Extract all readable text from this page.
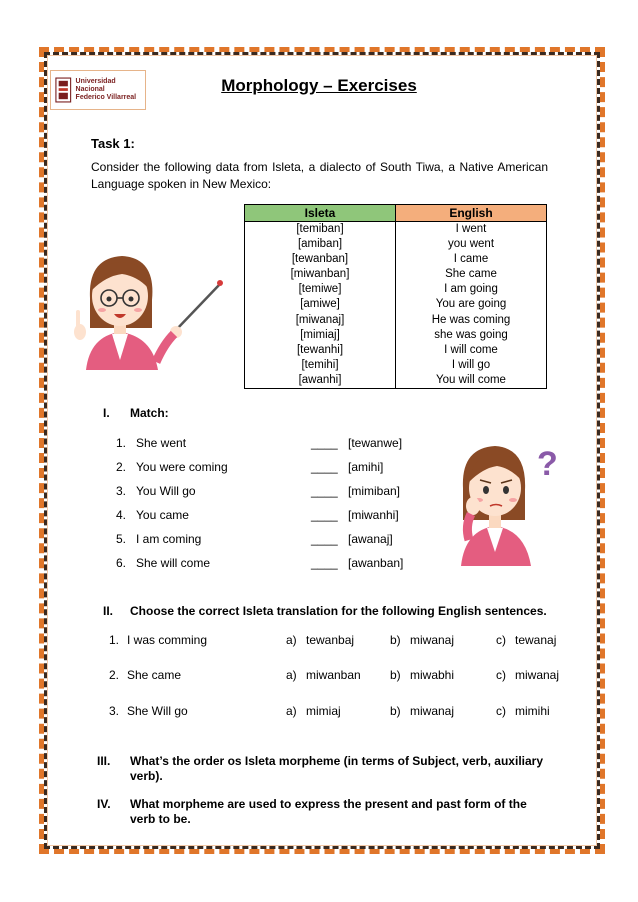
Universidad Nacional
Federico Villarreal
Morphology – Exercises
Task 1:
Consider the following data from Isleta, a dialecto of South Tiwa, a Native American Language spoken in New Mexico:
Isleta	English
[temiban]	I went
[amiban]	you went
[tewanban]	I came
[miwanban]	She came
[temiwe]	I am going
[amiwe]	You are going
[miwanaj]	He was coming
[mimiaj]	she was going
[tewanhi]	I will come
[temihi]	I will go
[awanhi]	You will come
I. Match:
1. She went	____ [tewanwe]
2. You were coming	____ [amihi]
3. You Will go	____ [mimiban]
4. You came	____ [miwanhi]
5. I am coming	____ [awanaj]
6. She will come	____ [awanban]
?
II. Choose the correct Isleta translation for the following English sentences.
1. I was comming	a) tewanbaj	b) miwanaj	c) tewanaj
2. She came	a) miwanban b) miwabhi	c) miwanaj
3. She Will go	a) mimiaj	b) miwanaj	c) mimihi
III. What’s the order os Isleta morpheme (in terms of Subject, verb, auxiliary verb).
IV. What morpheme are used to express the present and past form of the verb to be.
